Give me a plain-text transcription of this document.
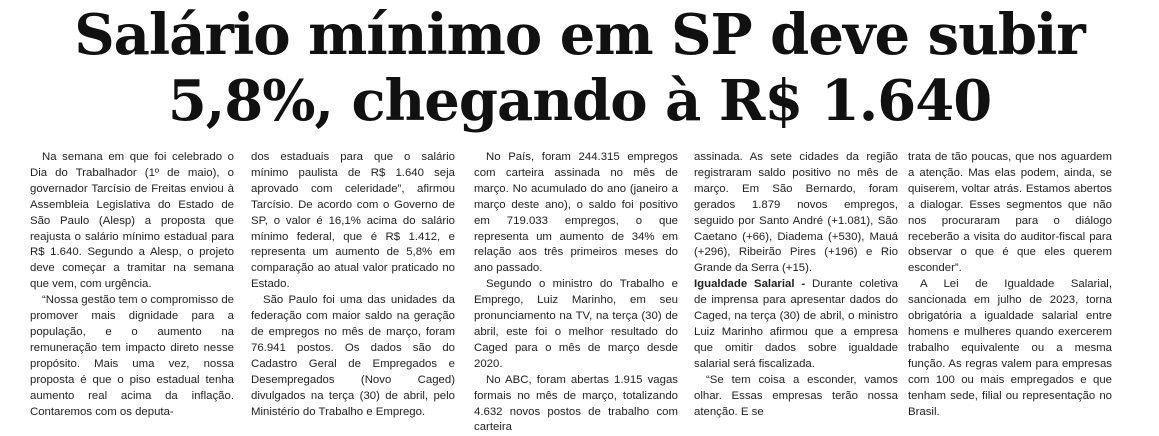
Salário mínimo em SP deve subir
5,8%, chegando à R$ 1.640

Na semana em que foi celebrado o Dia do Trabalhador (1º de maio), o governador Tarcísio de Freitas enviou à Assembleia Legislativa do Estado de São Paulo (Alesp) a proposta que reajusta o salário mínimo estadual para R$ 1.640. Segundo a Alesp, o projeto deve começar a tramitar na semana que vem, com urgência.

“Nossa gestão tem o compromisso de promover mais dignidade para a população, e o aumento na remuneração tem impacto direto nesse propósito. Mais uma vez, nossa proposta é que o piso estadual tenha aumento real acima da inflação. Contaremos com os deputa-

dos estaduais para que o salário mínimo paulista de R$ 1.640 seja aprovado com celeridade”, afirmou Tarcísio. De acordo com o Governo de SP, o valor é 16,1% acima do salário mínimo federal, que é R$ 1.412, e representa um aumento de 5,8% em comparação ao atual valor praticado no Estado.

São Paulo foi uma das unidades da federação com maior saldo na geração de empregos no mês de março, foram 76.941 postos. Os dados são do Cadastro Geral de Empregados e Desempregados (Novo Caged) divulgados na terça (30) de abril, pelo Ministério do Trabalho e Emprego.

No País, foram 244.315 empregos com carteira assinada no mês de março. No acumulado do ano (janeiro a março deste ano), o saldo foi positivo em 719.033 empregos, o que representa um aumento de 34% em relação aos três primeiros meses do ano passado.

Segundo o ministro do Trabalho e Emprego, Luiz Marinho, em seu pronunciamento na TV, na terça (30) de abril, este foi o melhor resultado do Caged para o mês de março desde 2020.

No ABC, foram abertas 1.915 vagas formais no mês de março, totalizando 4.632 novos postos de trabalho com carteira

assinada. As sete cidades da região registraram saldo positivo no mês de março. Em São Bernardo, foram gerados 1.879 novos empregos, seguido por Santo André (+1.081), São Caetano (+66), Diadema (+530), Mauá (+296), Ribeirão Pires (+196) e Rio Grande da Serra (+15).

Igualdade Salarial - Durante coletiva de imprensa para apresentar dados do Caged, na terça (30) de abril, o ministro Luiz Marinho afirmou que a empresa que omitir dados sobre igualdade salarial será fiscalizada.

“Se tem coisa a esconder, vamos olhar. Essas empresas terão nossa atenção. E se

trata de tão poucas, que nos aguardem a atenção. Mas elas podem, ainda, se quiserem, voltar atrás. Estamos abertos a dialogar. Esses segmentos que não nos procuraram para o diálogo receberão a visita do auditor-fiscal para observar o que é que eles querem esconder”.

A Lei de Igualdade Salarial, sancionada em julho de 2023, torna obrigatória a igualdade salarial entre homens e mulheres quando exercerem trabalho equivalente ou a mesma função. As regras valem para empresas com 100 ou mais empregados e que tenham sede, filial ou representação no Brasil.
